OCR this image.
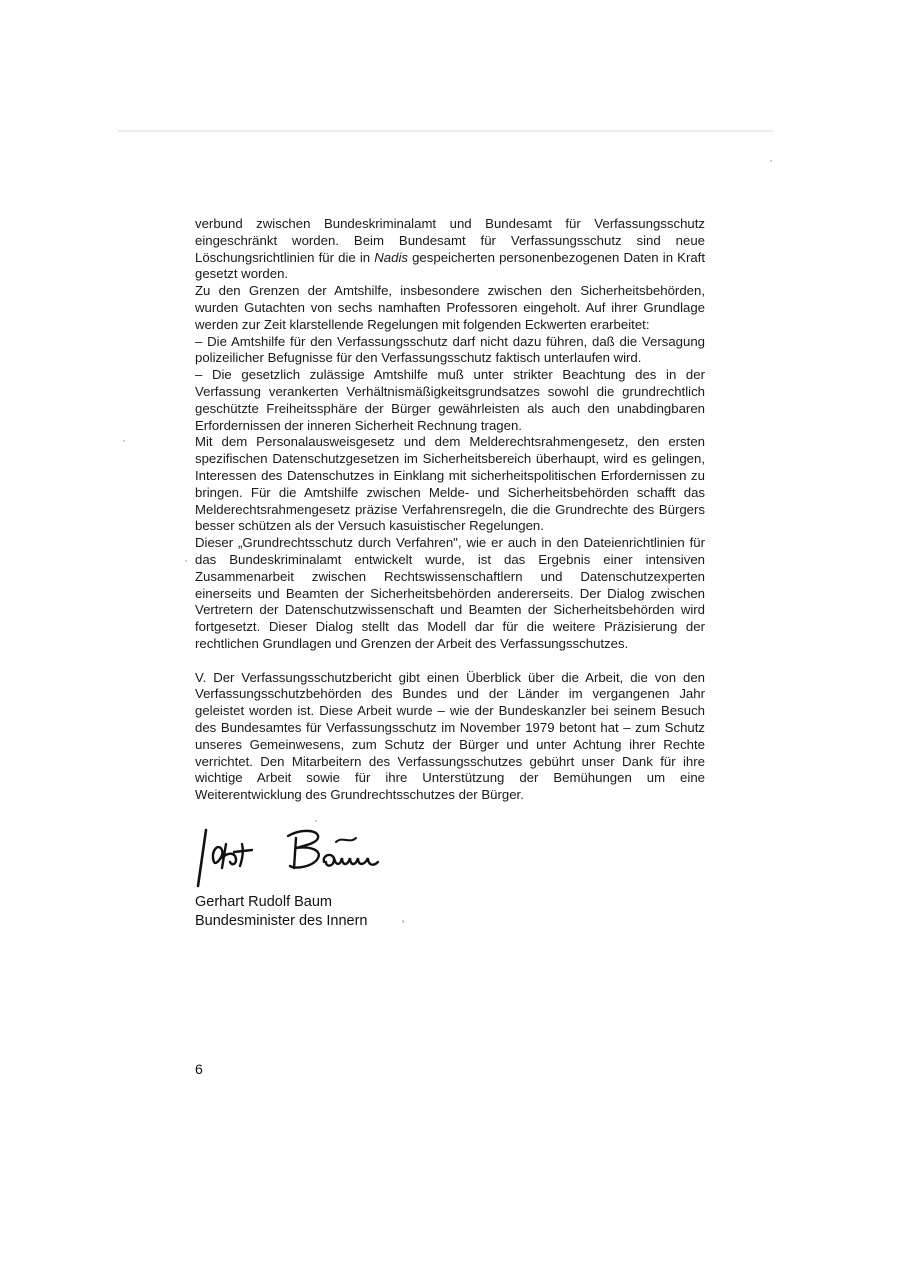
verbund zwischen Bundeskriminalamt und Bundesamt für Verfassungsschutz eingeschränkt worden. Beim Bundesamt für Verfassungsschutz sind neue Löschungsrichtlinien für die in Nadis gespeicherten personenbezogenen Daten in Kraft gesetzt worden.

Zu den Grenzen der Amtshilfe, insbesondere zwischen den Sicherheitsbehörden, wurden Gutachten von sechs namhaften Professoren eingeholt. Auf ihrer Grundlage werden zur Zeit klarstellende Regelungen mit folgenden Eckwerten erarbeitet:

– Die Amtshilfe für den Verfassungsschutz darf nicht dazu führen, daß die Versagung polizeilicher Befugnisse für den Verfassungsschutz faktisch unterlaufen wird.

– Die gesetzlich zulässige Amtshilfe muß unter strikter Beachtung des in der Verfassung verankerten Verhältnismäßigkeitsgrundsatzes sowohl die grundrechtlich geschützte Freiheitssphäre der Bürger gewährleisten als auch den unabdingbaren Erfordernissen der inneren Sicherheit Rechnung tragen.

Mit dem Personalausweisgesetz und dem Melderechtsrahmengesetz, den ersten spezifischen Datenschutzgesetzen im Sicherheitsbereich überhaupt, wird es gelingen, Interessen des Datenschutzes in Einklang mit sicherheitspolitischen Erfordernissen zu bringen. Für die Amtshilfe zwischen Melde- und Sicherheitsbehörden schafft das Melderechtsrahmengesetz präzise Verfahrensregeln, die die Grundrechte des Bürgers besser schützen als der Versuch kasuistischer Regelungen.

Dieser „Grundrechtsschutz durch Verfahren", wie er auch in den Dateienrichtlinien für das Bundeskriminalamt entwickelt wurde, ist das Ergebnis einer intensiven Zusammenarbeit zwischen Rechtswissenschaftlern und Datenschutzexperten einerseits und Beamten der Sicherheitsbehörden andererseits. Der Dialog zwischen Vertretern der Datenschutzwissenschaft und Beamten der Sicherheitsbehörden wird fortgesetzt. Dieser Dialog stellt das Modell dar für die weitere Präzisierung der rechtlichen Grundlagen und Grenzen der Arbeit des Verfassungsschutzes.

V. Der Verfassungsschutzbericht gibt einen Überblick über die Arbeit, die von den Verfassungsschutzbehörden des Bundes und der Länder im vergangenen Jahr geleistet worden ist. Diese Arbeit wurde – wie der Bundeskanzler bei seinem Besuch des Bundesamtes für Verfassungsschutz im November 1979 betont hat – zum Schutz unseres Gemeinwesens, zum Schutz der Bürger und unter Achtung ihrer Rechte verrichtet. Den Mitarbeitern des Verfassungsschutzes gebührt unser Dank für ihre wichtige Arbeit sowie für ihre Unterstützung der Bemühungen um eine Weiterentwicklung des Grundrechtsschutzes der Bürger.

Gerhart Rudolf Baum
Bundesminister des Innern
6
